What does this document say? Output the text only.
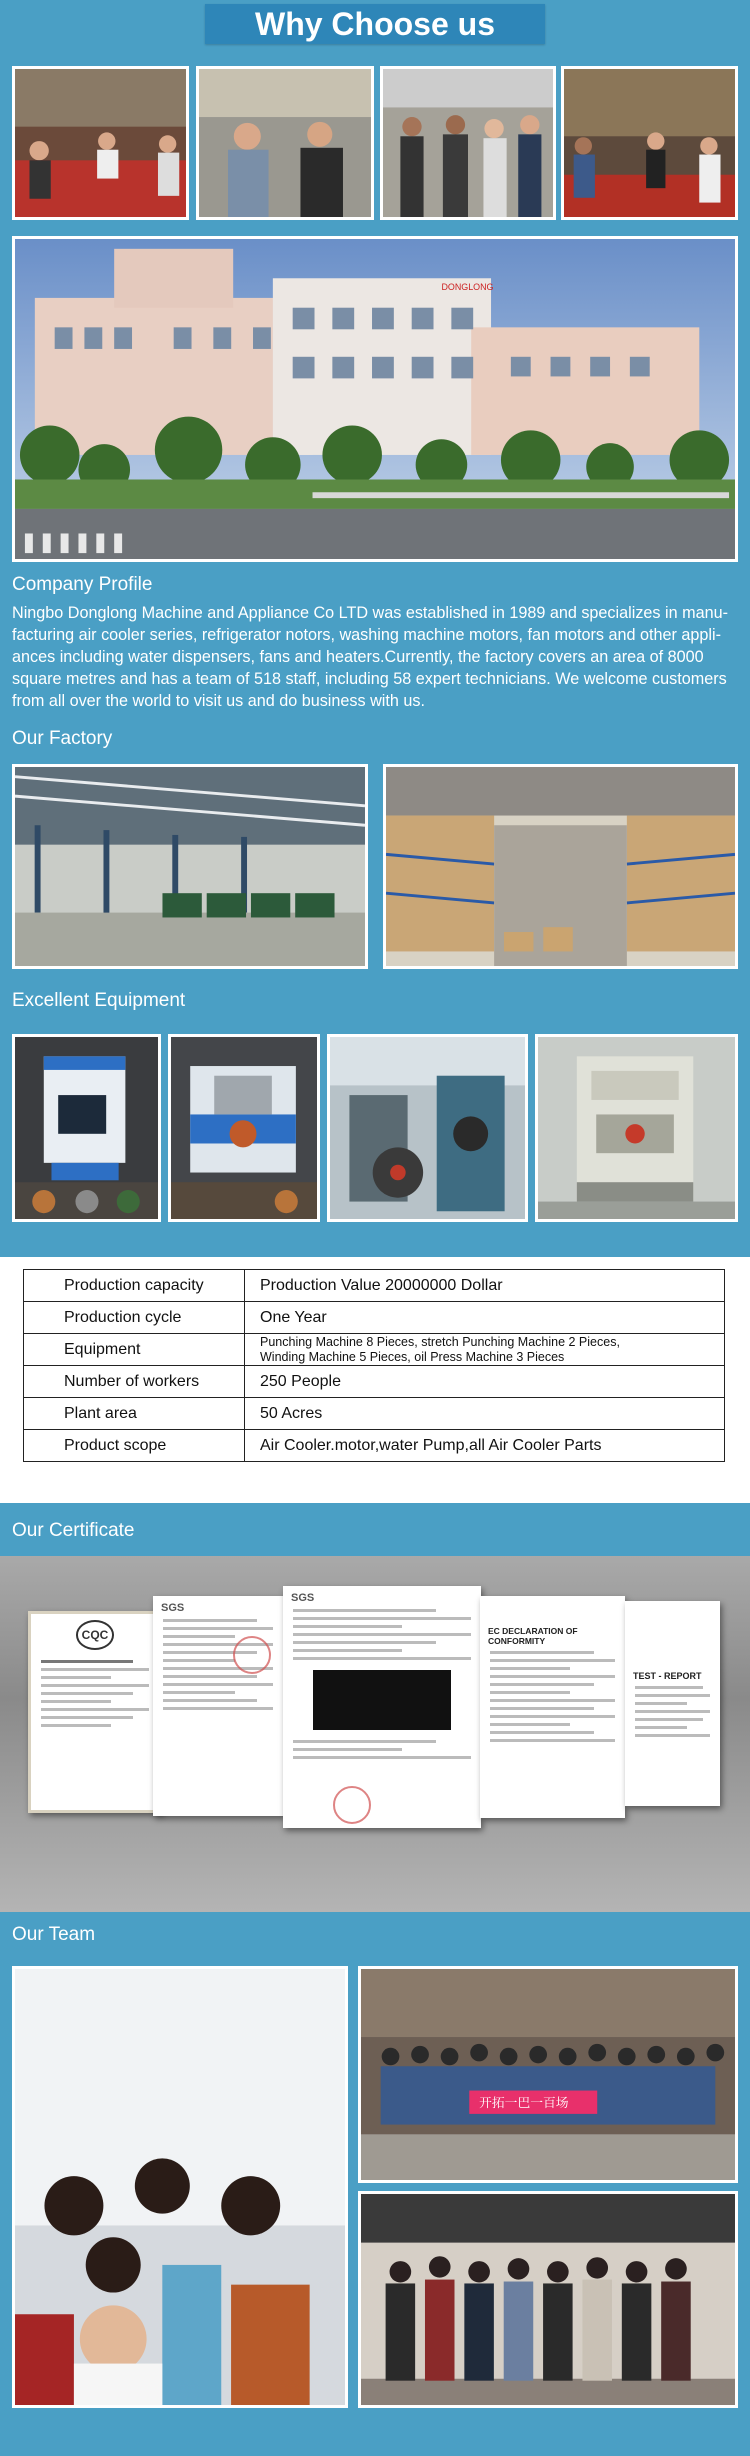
Why Choose us
DONGLONG
Company Profile
Ningbo Donglong Machine and Appliance Co LTD was established in 1989 and specializes in manu-
facturing air cooler series, refrigerator notors, washing machine motors, fan motors and other appli-
ances including water dispensers, fans and heaters.Currently, the factory covers an area of 8000
square metres and has a team of 518 staff, including 58 expert technicians. We welcome customers
from all over the world to visit us and do business with us.
Our Factory
Excellent Equipment
Production capacity	Production Value 20000000 Dollar
Production cycle	One Year
Equipment	Punching Machine 8 Pieces, stretch Punching Machine 2 Pieces,
Winding Machine 5 Pieces, oil Press Machine 3 Pieces

Number of workers	250 People
Plant area	50 Acres
Product scope	Air Cooler.motor,water Pump,all Air Cooler Parts
Our Certificate
CQC
SGS
SGS
EC DECLARATION OF CONFORMITY
TEST - REPORT
Our Team
开拓一巴一百场
